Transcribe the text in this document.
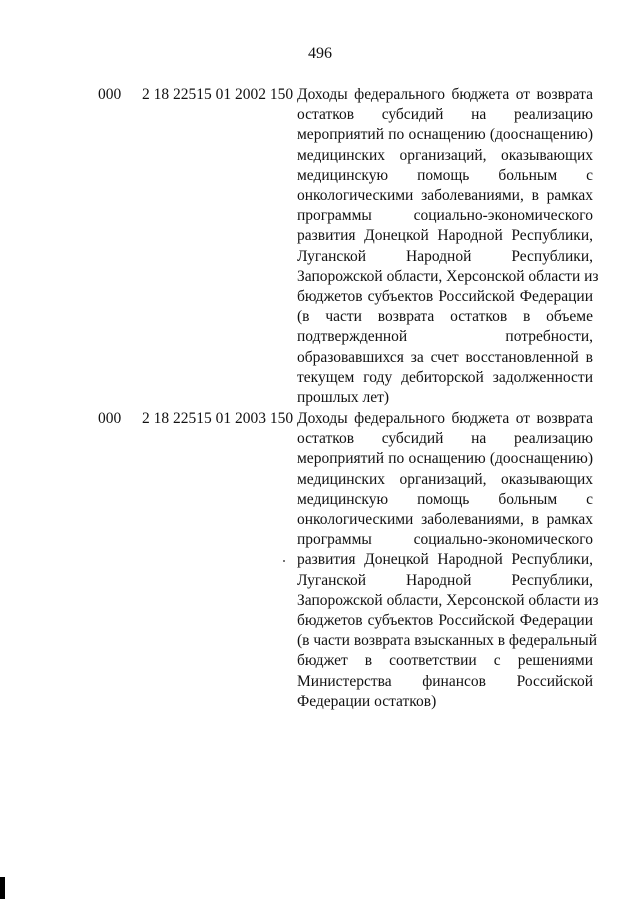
496
000 2 18 22515 01 2002 150 Доходы федерального бюджета от возврата
остатков субсидий на реализацию
мероприятий по оснащению (дооснащению)
медицинских организаций, оказывающих
медицинскую помощь больным с
онкологическими заболеваниями, в рамках
программы социально-экономического
развития Донецкой Народной Республики,
Луганской Народной Республики,
Запорожской области, Херсонской области из
бюджетов субъектов Российской Федерации
(в части возврата остатков в объеме
подтвержденной потребности,
образовавшихся за счет восстановленной в
текущем году дебиторской задолженности
прошлых лет)
000 2 18 22515 01 2003 150 Доходы федерального бюджета от возврата
остатков субсидий на реализацию
мероприятий по оснащению (дооснащению)
медицинских организаций, оказывающих
медицинскую помощь больным с
онкологическими заболеваниями, в рамках
программы социально-экономического
развития Донецкой Народной Республики,
Луганской Народной Республики,
Запорожской области, Херсонской области из
бюджетов субъектов Российской Федерации
(в части возврата взысканных в федеральный
бюджет в соответствии с решениями
Министерства финансов Российской
Федерации остатков)
